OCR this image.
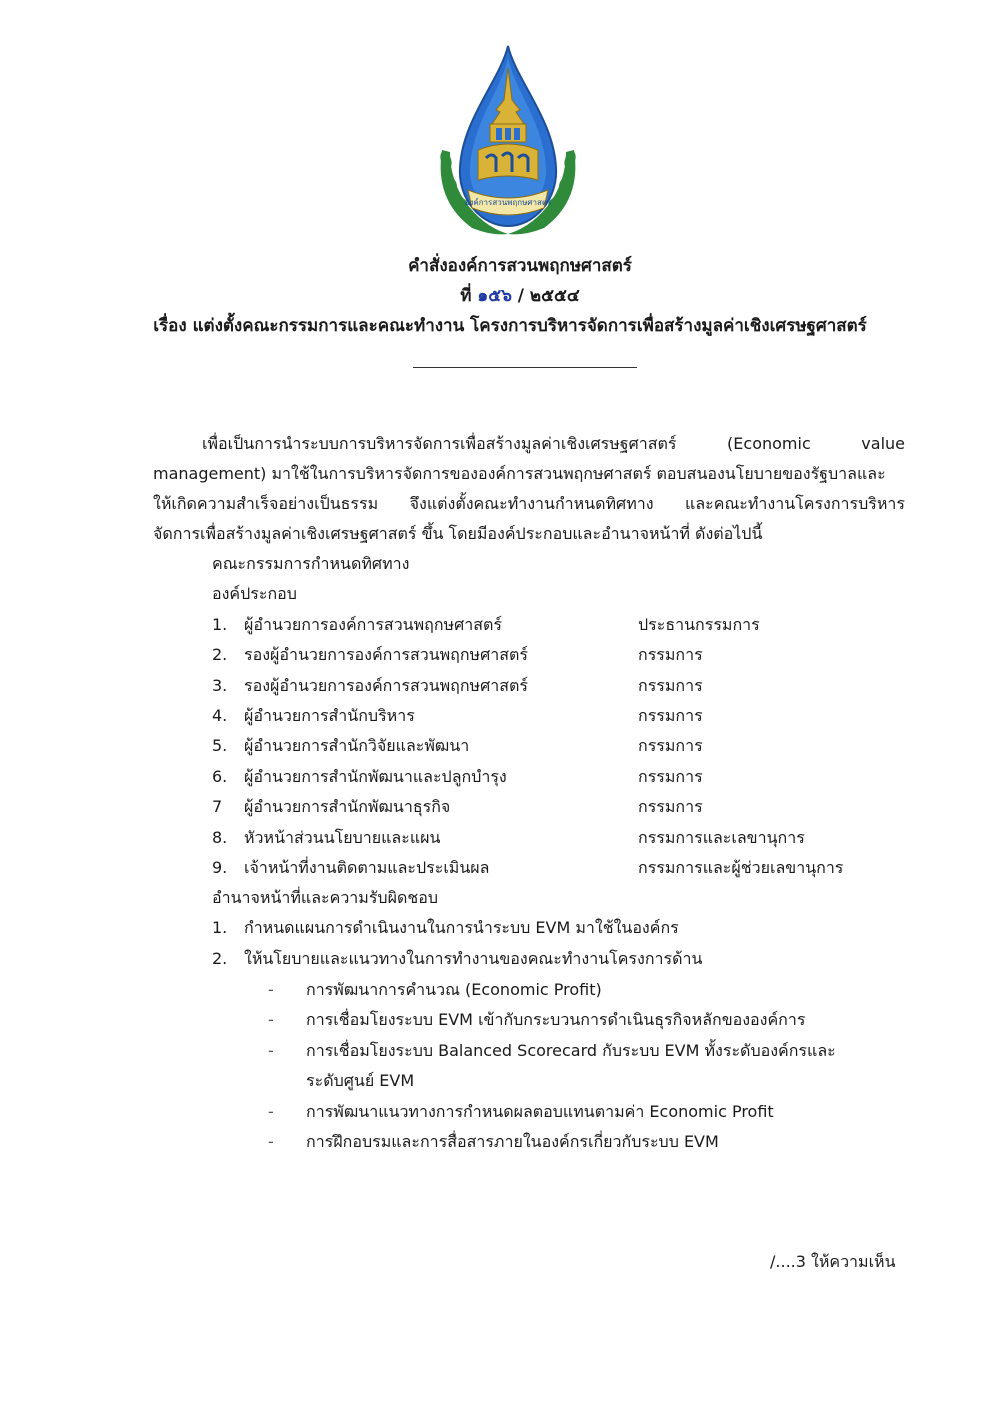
องค์การสวนพฤกษศาสตร์
คำสั่งองค์การสวนพฤกษศาสตร์
ที่ ๑๕๖ / ๒๕๕๔
เรื่อง แต่งตั้งคณะกรรมการและคณะทำงาน โครงการบริหารจัดการเพื่อสร้างมูลค่าเชิงเศรษฐศาสตร์
เพื่อเป็นการนำระบบการบริหารจัดการเพื่อสร้างมูลค่าเชิงเศรษฐศาสตร์	(Economic	value
management) มาใช้ในการบริหารจัดการขององค์การสวนพฤกษศาสตร์ ตอบสนองนโยบายของรัฐบาลและ
ให้เกิดความสำเร็จอย่างเป็นธรรม จึงแต่งตั้งคณะทำงานกำหนดทิศทาง และคณะทำงานโครงการบริหาร
จัดการเพื่อสร้างมูลค่าเชิงเศรษฐศาสตร์ ขึ้น โดยมีองค์ประกอบและอำนาจหน้าที่ ดังต่อไปนี้
คณะกรรมการกำหนดทิศทาง
องค์ประกอบ
1. ผู้อำนวยการองค์การสวนพฤกษศาสตร์	ประธานกรรมการ
2. รองผู้อำนวยการองค์การสวนพฤกษศาสตร์	กรรมการ
3. รองผู้อำนวยการองค์การสวนพฤกษศาสตร์	กรรมการ
4. ผู้อำนวยการสำนักบริหาร	กรรมการ
5. ผู้อำนวยการสำนักวิจัยและพัฒนา	กรรมการ
6. ผู้อำนวยการสำนักพัฒนาและปลูกบำรุง	กรรมการ
7 ผู้อำนวยการสำนักพัฒนาธุรกิจ	กรรมการ
8. หัวหน้าส่วนนโยบายและแผน	กรรมการและเลขานุการ
9. เจ้าหน้าที่งานติดตามและประเมินผล	กรรมการและผู้ช่วยเลขานุการ
อำนาจหน้าที่และความรับผิดชอบ
1. กำหนดแผนการดำเนินงานในการนำระบบ EVM มาใช้ในองค์กร
2. ให้นโยบายและแนวทางในการทำงานของคณะทำงานโครงการด้าน
- การพัฒนาการคำนวณ (Economic Profit)
- การเชื่อมโยงระบบ EVM เข้ากับกระบวนการดำเนินธุรกิจหลักขององค์การ
- การเชื่อมโยงระบบ Balanced Scorecard กับระบบ EVM ทั้งระดับองค์กรและ
ระดับศูนย์ EVM
- การพัฒนาแนวทางการกำหนดผลตอบแทนตามค่า Economic Profit
- การฝึกอบรมและการสื่อสารภายในองค์กรเกี่ยวกับระบบ EVM
/....3 ให้ความเห็น
